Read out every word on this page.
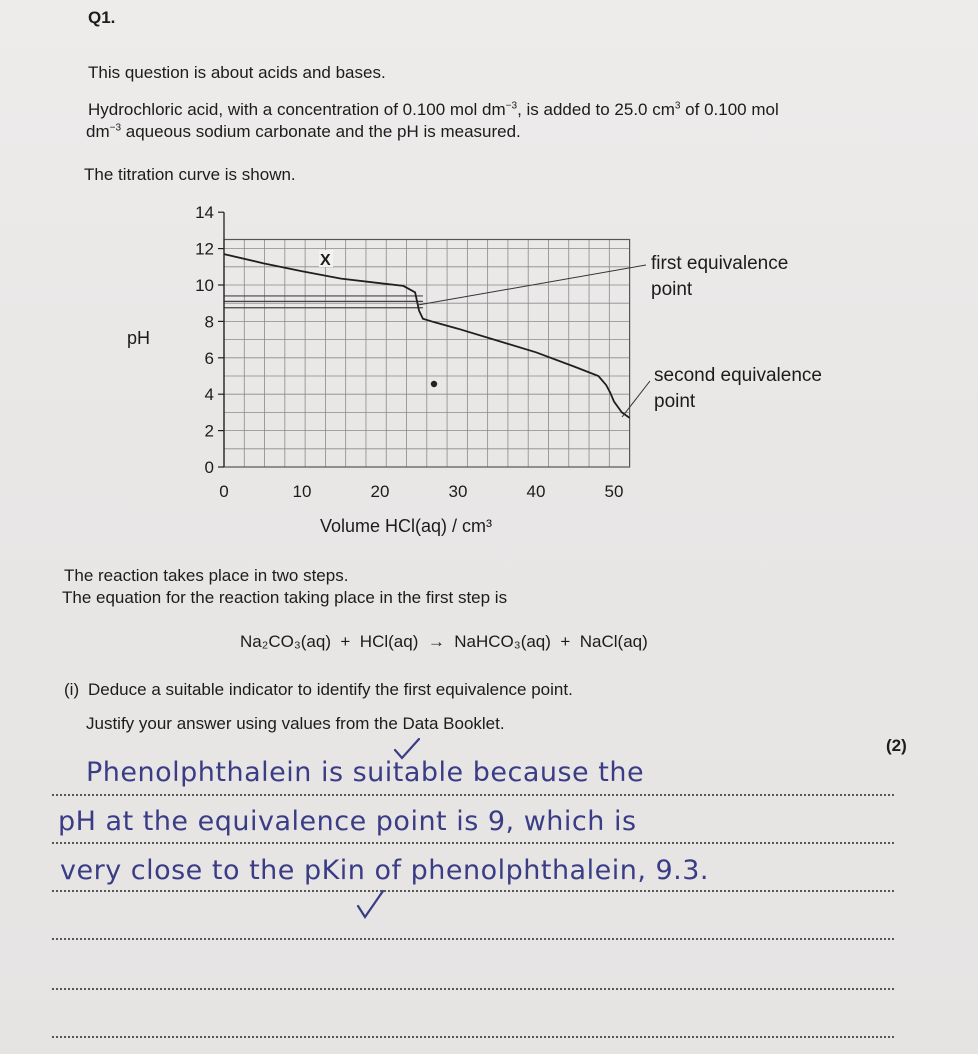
Q1.
This question is about acids and bases.
Hydrochloric acid, with a concentration of 0.100 mol $dm^{-3}$, is added to 25.0 $cm^3$ of 0.100 mol
$dm^{-3}$ aqueous sodium carbonate and the pH is measured.
The titration curve is shown.
0
2
4
6
8
10
12
14
0	10	20	30	40	50
X	first equivalence
point
second equivalence
point
pH
Volume HCl(aq) / cm³
The reaction takes place in two steps.
The equation for the reaction taking place in the first step is
Na₂CO₃(aq)  +  HCl(aq)  →  NaHCO₃(aq)  +  NaCl(aq)
(i) Deduce a suitable indicator to identify the first equivalence point.
Justify your answer using values from the Data Booklet.
(2)
Phenolphthalein is suitable because the
pH at the equivalence point is 9, which is
very close to the pKin of phenolphthalein, 9.3.
